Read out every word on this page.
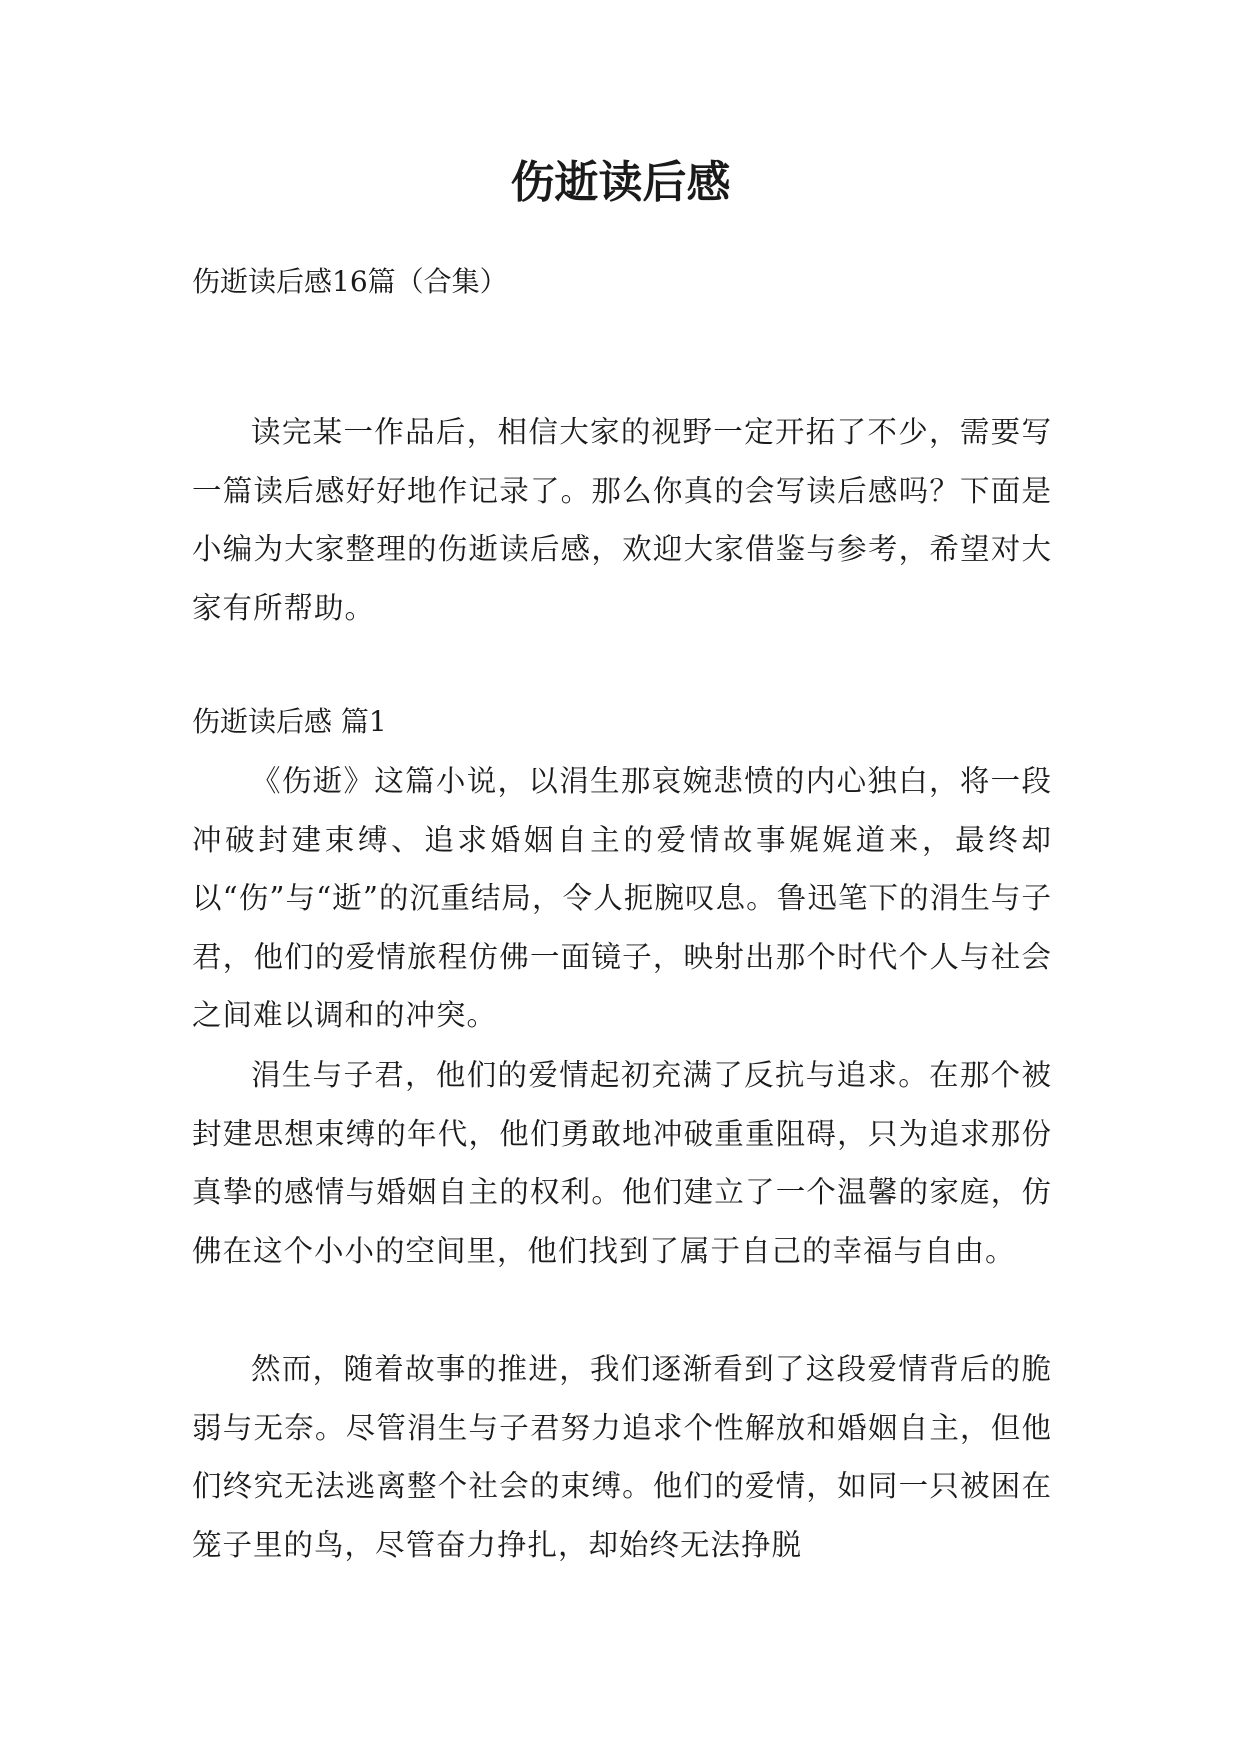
伤逝读后感

伤逝读后感16篇（合集）

读完某一作品后，相信大家的视野一定开拓了不少，需要写一篇读后感好好地作记录了。那么你真的会写读后感吗？下面是小编为大家整理的伤逝读后感，欢迎大家借鉴与参考，希望对大家有所帮助。

伤逝读后感 篇1

《伤逝》这篇小说，以涓生那哀婉悲愤的内心独白，将一段冲破封建束缚、追求婚姻自主的爱情故事娓娓道来，最终却以“伤”与“逝”的沉重结局，令人扼腕叹息。鲁迅笔下的涓生与子君，他们的爱情旅程仿佛一面镜子，映射出那个时代个人与社会之间难以调和的冲突。

涓生与子君，他们的爱情起初充满了反抗与追求。在那个被封建思想束缚的年代，他们勇敢地冲破重重阻碍，只为追求那份真挚的感情与婚姻自主的权利。他们建立了一个温馨的家庭，仿佛在这个小小的空间里，他们找到了属于自己的幸福与自由。

然而，随着故事的推进，我们逐渐看到了这段爱情背后的脆弱与无奈。尽管涓生与子君努力追求个性解放和婚姻自主，但他们终究无法逃离整个社会的束缚。他们的爱情，如同一只被困在笼子里的鸟，尽管奋力挣扎，却始终无法挣脱
